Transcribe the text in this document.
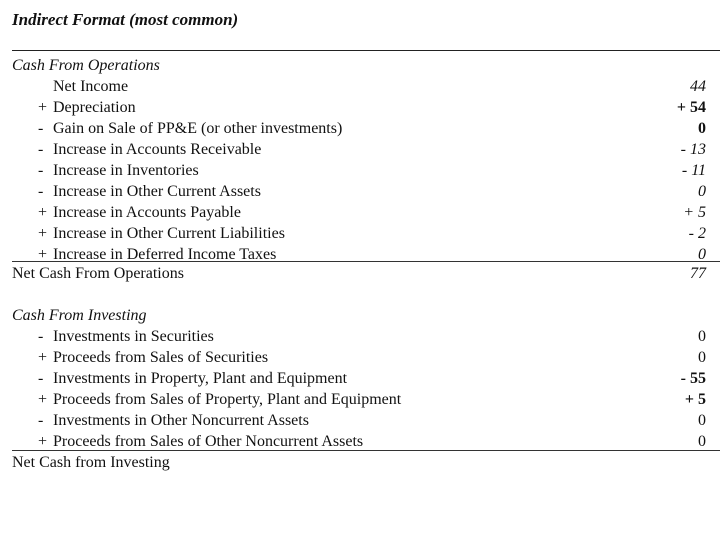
Indirect Format (most common)
Cash From Operations
Net Income	44
+ Depreciation	+ 54
- Gain on Sale of PP&E (or other investments)	0
- Increase in Accounts Receivable	- 13
- Increase in Inventories	- 11
- Increase in Other Current Assets	0
+ Increase in Accounts Payable	+ 5
+ Increase in Other Current Liabilities	- 2
+ Increase in Deferred Income Taxes	0
Net Cash From Operations	77
Cash From Investing
- Investments in Securities	0
+ Proceeds from Sales of Securities	0
- Investments in Property, Plant and Equipment	- 55
+ Proceeds from Sales of Property, Plant and Equipment	+ 5
- Investments in Other Noncurrent Assets	0
+ Proceeds from Sales of Other Noncurrent Assets	0
Net Cash from Investing
